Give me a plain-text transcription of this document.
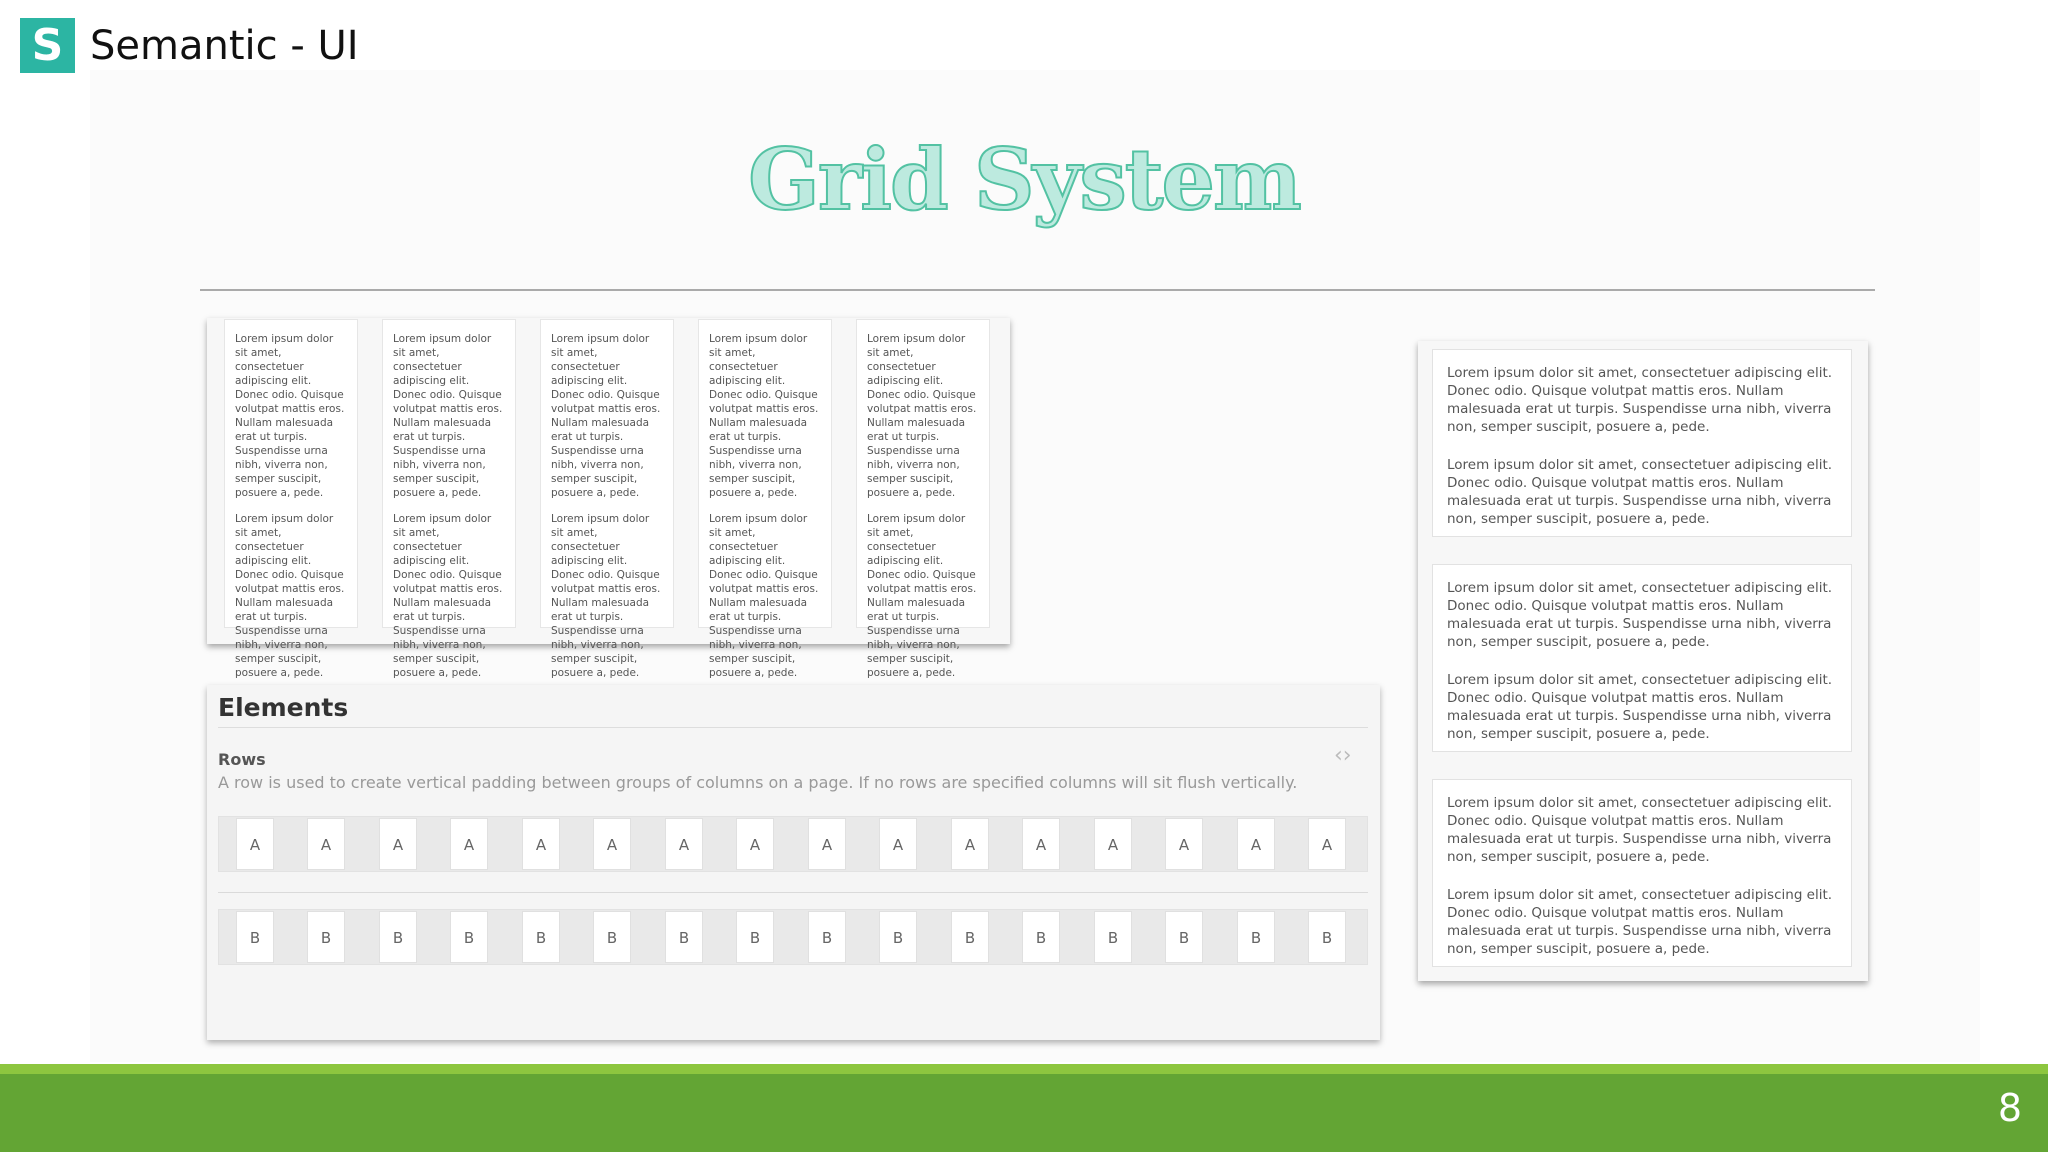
S Semantic - UI
Grid System

Lorem ipsum dolor sit amet, consectetuer adipiscing elit. Donec odio. Quisque volutpat mattis eros. Nullam malesuada erat ut turpis. Suspendisse urna nibh, viverra non, semper suscipit, posuere a, pede.

Lorem ipsum dolor sit amet, consectetuer adipiscing elit. Donec odio. Quisque volutpat mattis eros. Nullam malesuada erat ut turpis. Suspendisse urna nibh, viverra non, semper suscipit, posuere a, pede.

Lorem ipsum dolor sit amet, consectetuer adipiscing elit. Donec odio. Quisque volutpat mattis eros. Nullam malesuada erat ut turpis. Suspendisse urna nibh, viverra non, semper suscipit, posuere a, pede.

Lorem ipsum dolor sit amet, consectetuer adipiscing elit. Donec odio. Quisque volutpat mattis eros. Nullam malesuada erat ut turpis. Suspendisse urna nibh, viverra non, semper suscipit, posuere a, pede.

Lorem ipsum dolor sit amet, consectetuer adipiscing elit. Donec odio. Quisque volutpat mattis eros. Nullam malesuada erat ut turpis. Suspendisse urna nibh, viverra non, semper suscipit, posuere a, pede.

Lorem ipsum dolor sit amet, consectetuer adipiscing elit. Donec odio. Quisque volutpat mattis eros. Nullam malesuada erat ut turpis. Suspendisse urna nibh, viverra non, semper suscipit, posuere a, pede.

Lorem ipsum dolor sit amet, consectetuer adipiscing elit. Donec odio. Quisque volutpat mattis eros. Nullam malesuada erat ut turpis. Suspendisse urna nibh, viverra non, semper suscipit, posuere a, pede.

Lorem ipsum dolor sit amet, consectetuer adipiscing elit. Donec odio. Quisque volutpat mattis eros. Nullam malesuada erat ut turpis. Suspendisse urna nibh, viverra non, semper suscipit, posuere a, pede.

Lorem ipsum dolor sit amet, consectetuer adipiscing elit. Donec odio. Quisque volutpat mattis eros. Nullam malesuada erat ut turpis. Suspendisse urna nibh, viverra non, semper suscipit, posuere a, pede.

Lorem ipsum dolor sit amet, consectetuer adipiscing elit. Donec odio. Quisque volutpat mattis eros. Nullam malesuada erat ut turpis. Suspendisse urna nibh, viverra non, semper suscipit, posuere a, pede.

Elements
Rows	‹›
A row is used to create vertical padding between groups of columns on a page. If no rows are specified columns will sit flush vertically.
A	A	A	A	A	A	A	A	A	A	A	A	A	A	A	A
B	B	B	B	B	B	B	B	B	B	B	B	B	B	B	B

Lorem ipsum dolor sit amet, consectetuer adipiscing elit. Donec odio. Quisque volutpat mattis eros. Nullam malesuada erat ut turpis. Suspendisse urna nibh, viverra non, semper suscipit, posuere a, pede.

Lorem ipsum dolor sit amet, consectetuer adipiscing elit. Donec odio. Quisque volutpat mattis eros. Nullam malesuada erat ut turpis. Suspendisse urna nibh, viverra non, semper suscipit, posuere a, pede.

Lorem ipsum dolor sit amet, consectetuer adipiscing elit. Donec odio. Quisque volutpat mattis eros. Nullam malesuada erat ut turpis. Suspendisse urna nibh, viverra non, semper suscipit, posuere a, pede.

Lorem ipsum dolor sit amet, consectetuer adipiscing elit. Donec odio. Quisque volutpat mattis eros. Nullam malesuada erat ut turpis. Suspendisse urna nibh, viverra non, semper suscipit, posuere a, pede.

Lorem ipsum dolor sit amet, consectetuer adipiscing elit. Donec odio. Quisque volutpat mattis eros. Nullam malesuada erat ut turpis. Suspendisse urna nibh, viverra non, semper suscipit, posuere a, pede.

Lorem ipsum dolor sit amet, consectetuer adipiscing elit. Donec odio. Quisque volutpat mattis eros. Nullam malesuada erat ut turpis. Suspendisse urna nibh, viverra non, semper suscipit, posuere a, pede.

8
